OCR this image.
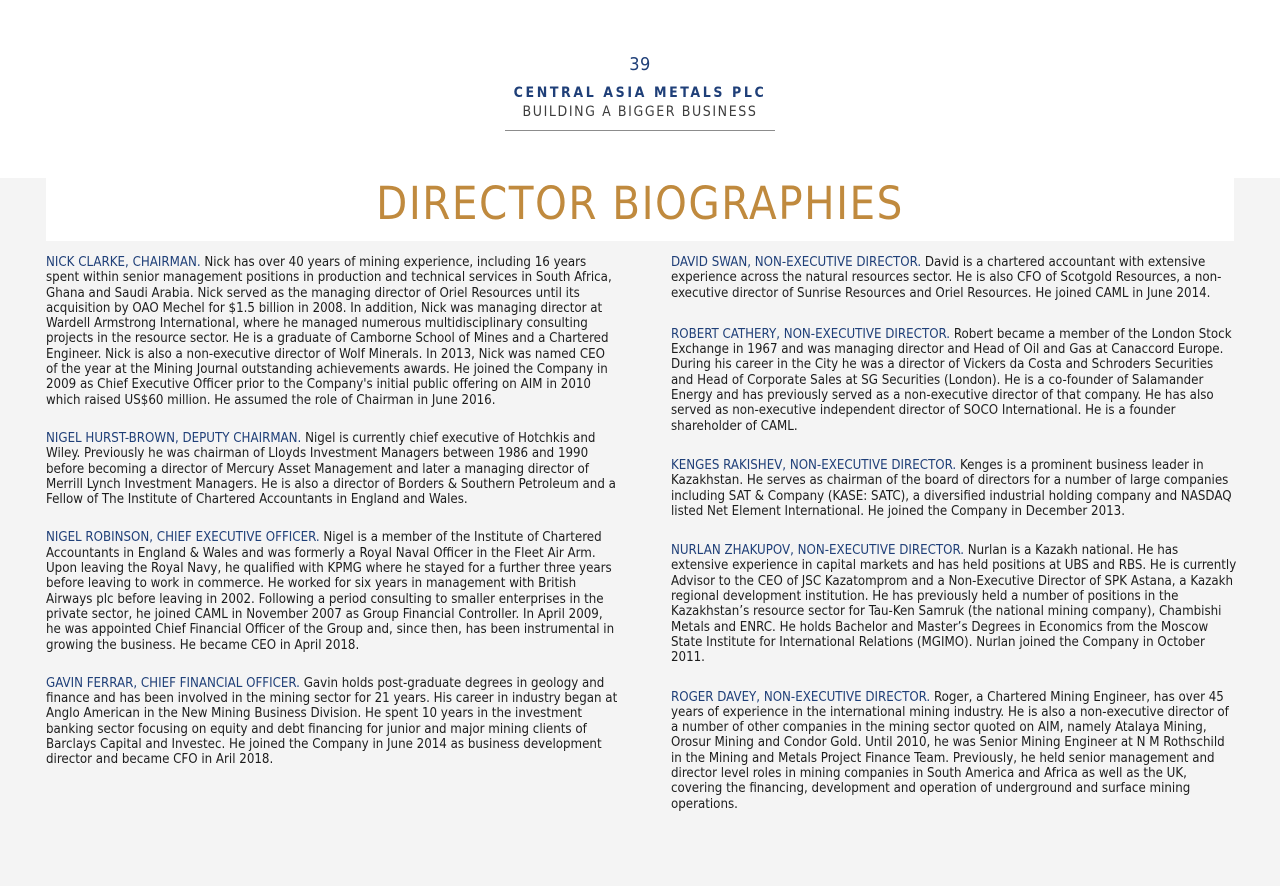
39
CENTRAL ASIA METALS PLC
BUILDING A BIGGER BUSINESS
DIRECTOR BIOGRAPHIES

NICK CLARKE, CHAIRMAN. Nick has over 40 years of mining experience, including 16 years spent within senior management positions in production and technical services in South Africa, Ghana and Saudi Arabia. Nick served as the managing director of Oriel Resources until its acquisition by OAO Mechel for $1.5 billion in 2008. In addition, Nick was managing director at Wardell Armstrong International, where he managed numerous multidisciplinary consulting projects in the resource sector. He is a graduate of Camborne School of Mines and a Chartered Engineer. Nick is also a non-executive director of Wolf Minerals. In 2013, Nick was named CEO of the year at the Mining Journal outstanding achievements awards. He joined the Company in 2009 as Chief Executive Officer prior to the Company's initial public offering on AIM in 2010 which raised US$60 million. He assumed the role of Chairman in June 2016.

NIGEL HURST-BROWN, DEPUTY CHAIRMAN. Nigel is currently chief executive of Hotchkis and Wiley. Previously he was chairman of Lloyds Investment Managers between 1986 and 1990 before becoming a director of Mercury Asset Management and later a managing director of Merrill Lynch Investment Managers. He is also a director of Borders & Southern Petroleum and a Fellow of The Institute of Chartered Accountants in England and Wales.

NIGEL ROBINSON, CHIEF EXECUTIVE OFFICER. Nigel is a member of the Institute of Chartered Accountants in England & Wales and was formerly a Royal Naval Officer in the Fleet Air Arm. Upon leaving the Royal Navy, he qualified with KPMG where he stayed for a further three years before leaving to work in commerce. He worked for six years in management with British Airways plc before leaving in 2002. Following a period consulting to smaller enterprises in the private sector, he joined CAML in November 2007 as Group Financial Controller. In April 2009, he was appointed Chief Financial Officer of the Group and, since then, has been instrumental in growing the business. He became CEO in April 2018.

GAVIN FERRAR, CHIEF FINANCIAL OFFICER. Gavin holds post-graduate degrees in geology and finance and has been involved in the mining sector for 21 years. His career in industry began at Anglo American in the New Mining Business Division. He spent 10 years in the investment banking sector focusing on equity and debt financing for junior and major mining clients of Barclays Capital and Investec. He joined the Company in June 2014 as business development director and became CFO in Aril 2018.

DAVID SWAN, NON-EXECUTIVE DIRECTOR. David is a chartered accountant with extensive experience across the natural resources sector. He is also CFO of Scotgold Resources, a non-executive director of Sunrise Resources and Oriel Resources. He joined CAML in June 2014.

ROBERT CATHERY, NON-EXECUTIVE DIRECTOR. Robert became a member of the London Stock Exchange in 1967 and was managing director and Head of Oil and Gas at Canaccord Europe. During his career in the City he was a director of Vickers da Costa and Schroders Securities and Head of Corporate Sales at SG Securities (London). He is a co-founder of Salamander Energy and has previously served as a non-executive director of that company. He has also served as non-executive independent director of SOCO International. He is a founder shareholder of CAML.

KENGES RAKISHEV, NON-EXECUTIVE DIRECTOR. Kenges is a prominent business leader in Kazakhstan. He serves as chairman of the board of directors for a number of large companies including SAT & Company (KASE: SATC), a diversified industrial holding company and NASDAQ listed Net Element International. He joined the Company in December 2013.

NURLAN ZHAKUPOV, NON-EXECUTIVE DIRECTOR. Nurlan is a Kazakh national. He has extensive experience in capital markets and has held positions at UBS and RBS. He is currently Advisor to the CEO of JSC Kazatomprom and a Non-Executive Director of SPK Astana, a Kazakh regional development institution. He has previously held a number of positions in the Kazakhstan’s resource sector for Tau-Ken Samruk (the national mining company), Chambishi Metals and ENRC. He holds Bachelor and Master’s Degrees in Economics from the Moscow State Institute for International Relations (MGIMO). Nurlan joined the Company in October 2011.

ROGER DAVEY, NON-EXECUTIVE DIRECTOR. Roger, a Chartered Mining Engineer, has over 45 years of experience in the international mining industry. He is also a non-executive director of a number of other companies in the mining sector quoted on AIM, namely Atalaya Mining, Orosur Mining and Condor Gold. Until 2010, he was Senior Mining Engineer at N M Rothschild in the Mining and Metals Project Finance Team. Previously, he held senior management and director level roles in mining companies in South America and Africa as well as the UK, covering the financing, development and operation of underground and surface mining operations.
